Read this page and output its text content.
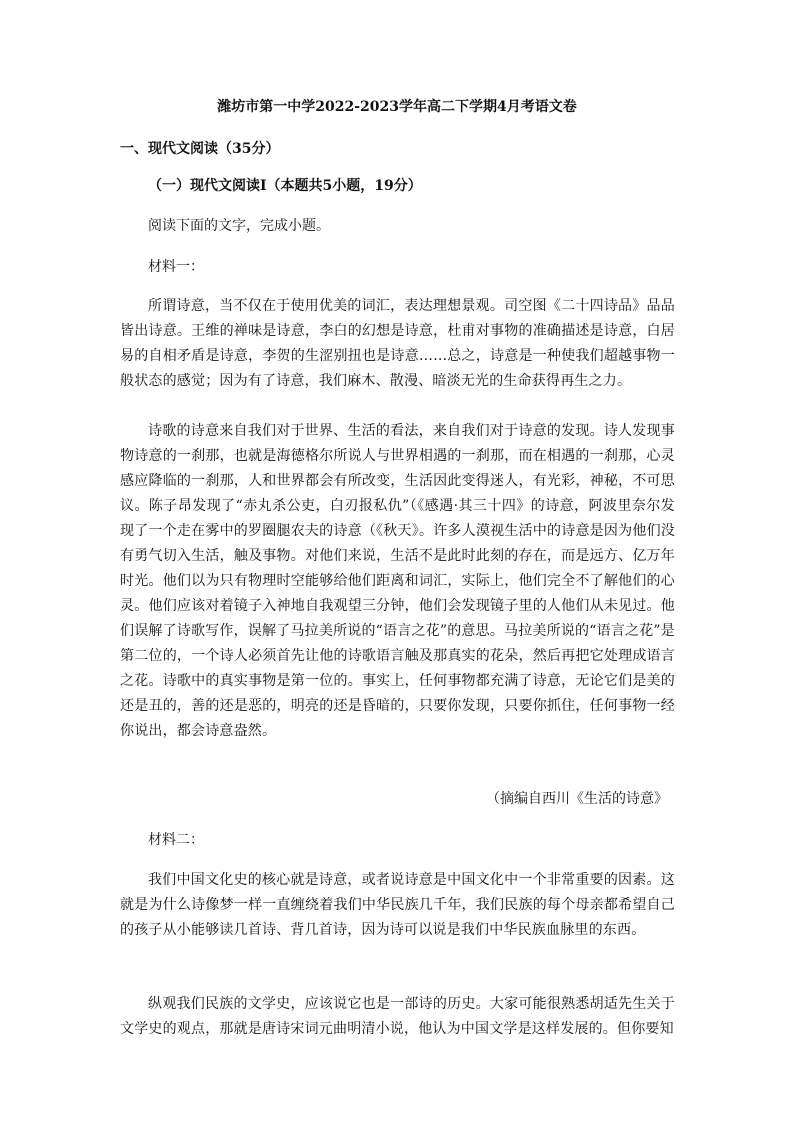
潍坊市第一中学2022-2023学年高二下学期4月考语文卷
一、现代文阅读（35分）
（一）现代文阅读Ⅰ（本题共5小题，19分）
阅读下面的文字，完成小题。
材料一：
所谓诗意，当不仅在于使用优美的词汇，表达理想景观。司空图《二十四诗品》品品皆出诗意。王维的禅味是诗意，李白的幻想是诗意，杜甫对事物的准确描述是诗意，白居易的自相矛盾是诗意，李贺的生涩别扭也是诗意……总之，诗意是一种使我们超越事物一般状态的感觉；因为有了诗意，我们麻木、散漫、暗淡无光的生命获得再生之力。
诗歌的诗意来自我们对于世界、生活的看法，来自我们对于诗意的发现。诗人发现事物诗意的一刹那，也就是海德格尔所说人与世界相遇的一刹那，而在相遇的一刹那，心灵感应降临的一刹那，人和世界都会有所改变，生活因此变得迷人，有光彩，神秘，不可思议。陈子昂发现了“赤丸杀公吏，白刃报私仇”（《感遇·其三十四》的诗意，阿波里奈尔发现了一个走在雾中的罗圈腿农夫的诗意（《秋天》。许多人漠视生活中的诗意是因为他们没有勇气切入生活，触及事物。对他们来说，生活不是此时此刻的存在，而是远方、亿万年时光。他们以为只有物理时空能够给他们距离和词汇，实际上，他们完全不了解他们的心灵。他们应该对着镜子入神地自我观望三分钟，他们会发现镜子里的人他们从未见过。他们误解了诗歌写作，误解了马拉美所说的“语言之花”的意思。马拉美所说的“语言之花”是第二位的，一个诗人必须首先让他的诗歌语言触及那真实的花朵，然后再把它处理成语言之花。诗歌中的真实事物是第一位的。事实上，任何事物都充满了诗意，无论它们是美的还是丑的，善的还是恶的，明亮的还是昏暗的，只要你发现，只要你抓住，任何事物一经你说出，都会诗意盎然。
（摘编自西川《生活的诗意》
材料二：
我们中国文化史的核心就是诗意，或者说诗意是中国文化中一个非常重要的因素。这就是为什么诗像梦一样一直缠绕着我们中华民族几千年，我们民族的每个母亲都希望自己的孩子从小能够读几首诗、背几首诗，因为诗可以说是我们中华民族血脉里的东西。
纵观我们民族的文学史，应该说它也是一部诗的历史。大家可能很熟悉胡适先生关于文学史的观点，那就是唐诗宋词元曲明清小说，他认为中国文学是这样发展的。但你要知
